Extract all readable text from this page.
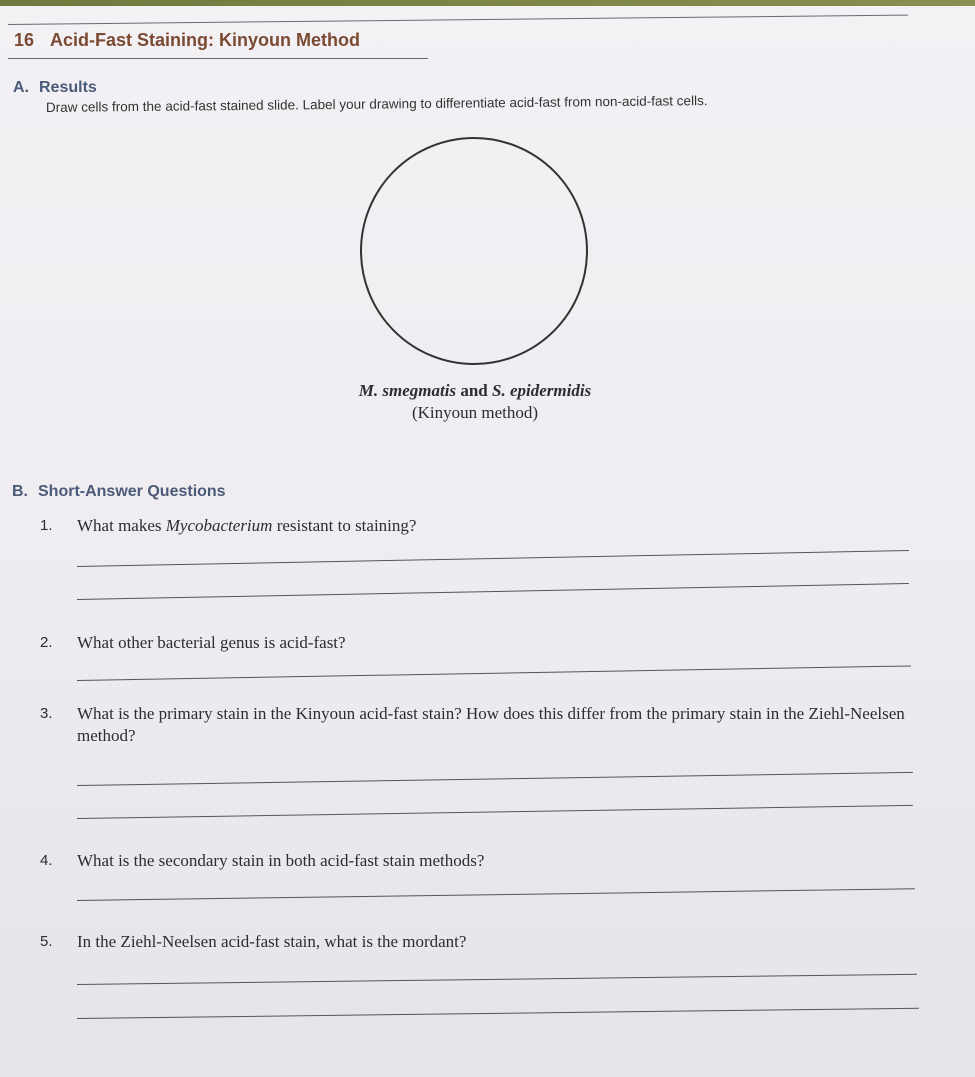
16 Acid-Fast Staining: Kinyoun Method
A. Results
Draw cells from the acid-fast stained slide. Label your drawing to differentiate acid-fast from non-acid-fast cells.
M. smegmatis and S. epidermidis
(Kinyoun method)
B. Short-Answer Questions
1. What makes Mycobacterium resistant to staining?
2. What other bacterial genus is acid-fast?
3. What is the primary stain in the Kinyoun acid-fast stain? How does this differ from the primary stain in the Ziehl-Neelsen method?
4. What is the secondary stain in both acid-fast stain methods?
5. In the Ziehl-Neelsen acid-fast stain, what is the mordant?
